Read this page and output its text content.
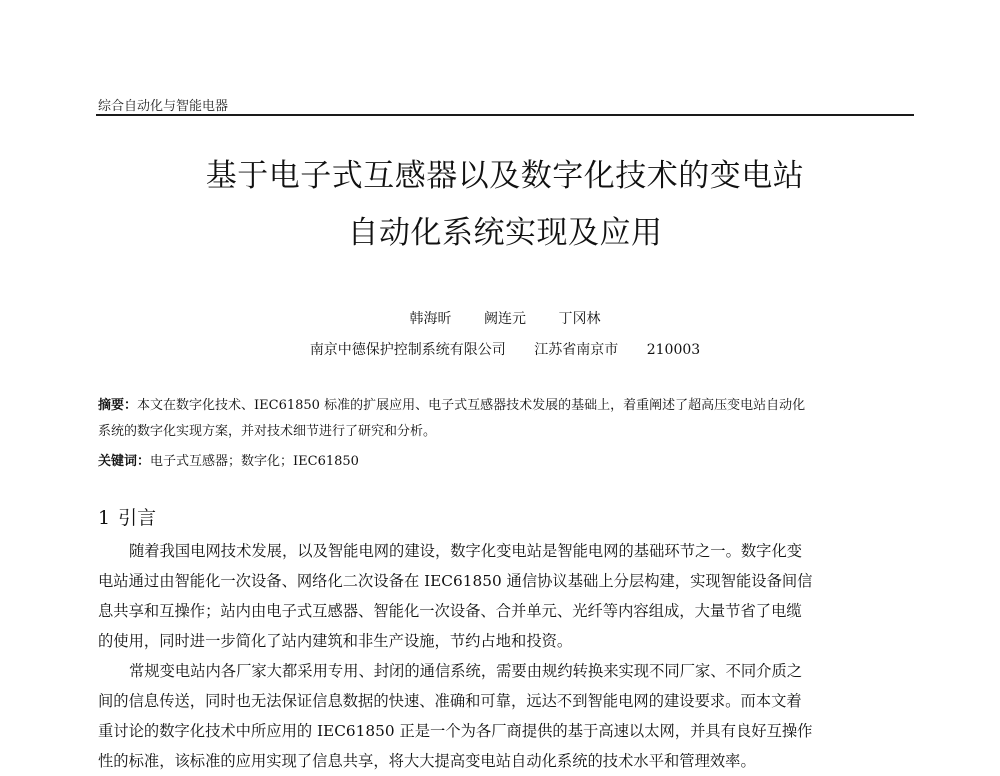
综合自动化与智能电器
基于电子式互感器以及数字化技术的变电站
自动化系统实现及应用
韩海昕 阙连元 丁冈林
南京中德保护控制系统有限公司 江苏省南京市 210003
摘要：本文在数字化技术、IEC61850 标准的扩展应用、电子式互感器技术发展的基础上，着重阐述了超高压变电站自动化
系统的数字化实现方案，并对技术细节进行了研究和分析。
关键词：电子式互感器；数字化；IEC61850
1 引言
随着我国电网技术发展，以及智能电网的建设，数字化变电站是智能电网的基础环节之一。数字化变
电站通过由智能化一次设备、网络化二次设备在 IEC61850 通信协议基础上分层构建，实现智能设备间信
息共享和互操作；站内由电子式互感器、智能化一次设备、合并单元、光纤等内容组成，大量节省了电缆
的使用，同时进一步简化了站内建筑和非生产设施，节约占地和投资。
常规变电站内各厂家大都采用专用、封闭的通信系统，需要由规约转换来实现不同厂家、不同介质之
间的信息传送，同时也无法保证信息数据的快速、准确和可靠，远达不到智能电网的建设要求。而本文着
重讨论的数字化技术中所应用的 IEC61850 正是一个为各厂商提供的基于高速以太网，并具有良好互操作
性的标准，该标准的应用实现了信息共享，将大大提高变电站自动化系统的技术水平和管理效率。
